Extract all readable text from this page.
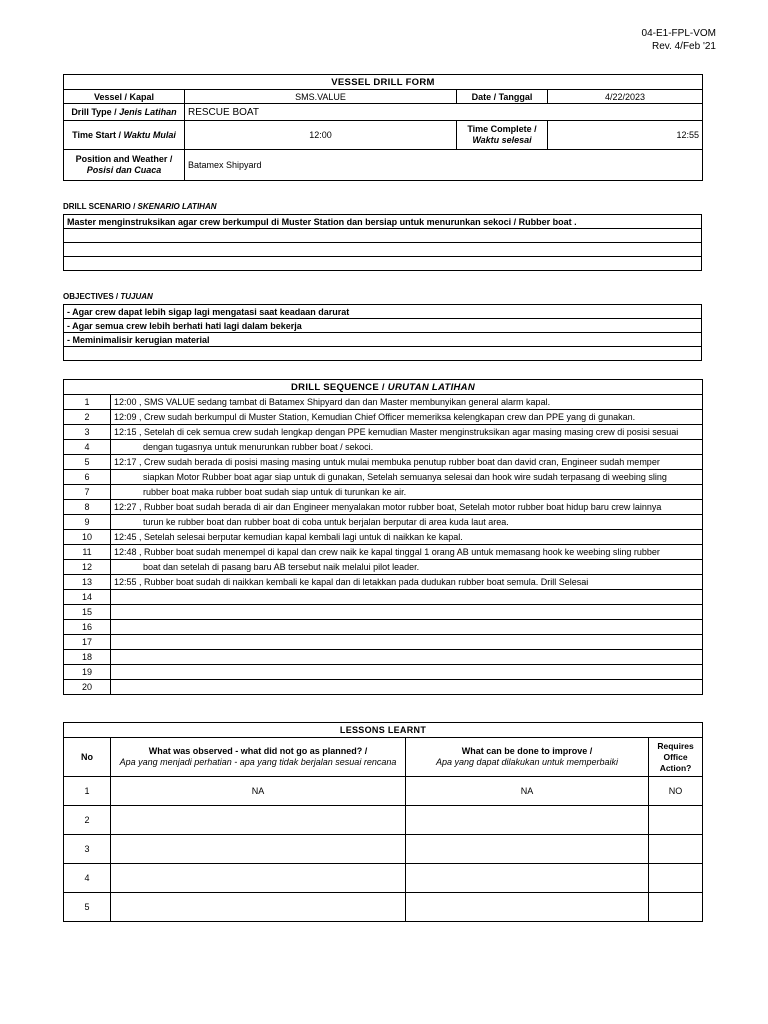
04-E1-FPL-VOM
Rev. 4/Feb '21
VESSEL DRILL FORM			
Vessel / Kapal	SMS.VALUE	Date / Tanggal	4/22/2023
Drill Type / Jenis Latihan	RESCUE BOAT		
Time Start / Waktu Mulai	12:00	Time Complete /
Waktu selesai	12:55
Position and Weather /
Posisi dan Cuaca	Batamex Shipyard		
DRILL SCENARIO / SKENARIO LATIHAN
Master menginstruksikan agar crew berkumpul di Muster Station dan bersiap untuk menurunkan sekoci / Rubber boat .

OBJECTIVES / TUJUAN
- Agar crew dapat lebih sigap lagi mengatasi saat keadaan darurat
- Agar semua crew lebih berhati hati lagi dalam bekerja
- Meminimalisir kerugian material

DRILL SEQUENCE / URUTAN LATIHAN	
1	12:00 , SMS VALUE sedang tambat di Batamex Shipyard dan dan Master membunyikan general alarm kapal.
2	12:09 , Crew sudah berkumpul di Muster Station, Kemudian Chief Officer memeriksa kelengkapan crew dan PPE yang di gunakan.
3	12:15 , Setelah di cek semua crew sudah lengkap dengan PPE kemudian Master menginstruksikan agar masing masing crew di posisi sesuai
4	dengan tugasnya untuk menurunkan rubber boat / sekoci.
5	12:17 , Crew sudah berada di posisi masing masing untuk mulai membuka penutup rubber boat dan david cran, Engineer sudah memper
6	siapkan Motor Rubber boat agar siap untuk di gunakan, Setelah semuanya selesai dan hook wire sudah terpasang di weebing sling
7	rubber boat maka rubber boat sudah siap untuk di turunkan ke air.
8	12:27 , Rubber boat sudah berada di air dan Engineer menyalakan motor rubber boat, Setelah motor rubber boat hidup baru crew lainnya
9	turun ke rubber boat dan rubber boat di coba untuk berjalan berputar di area kuda laut area.
10	12:45 , Setelah selesai berputar kemudian kapal kembali lagi untuk di naikkan ke kapal.
11	12:48 , Rubber boat sudah menempel di kapal dan crew naik ke kapal tinggal 1 orang AB untuk memasang hook ke weebing sling rubber
12	boat dan setelah di pasang baru AB tersebut naik melalui pilot leader.
13	12:55 , Rubber boat sudah di naikkan kembali ke kapal dan di letakkan pada dudukan rubber boat semula. Drill Selesai
14	
15	
16	
17	
18	
19	
20	
LESSONS LEARNT			
No	What was observed - what did not go as planned? /
Apa yang menjadi perhatian - apa yang tidak berjalan sesuai rencana	What can be done to improve /
Apa yang dapat dilakukan untuk memperbaiki	Requires Office Action?
1	NA	NA	NO
2			
3			
4			
5			
